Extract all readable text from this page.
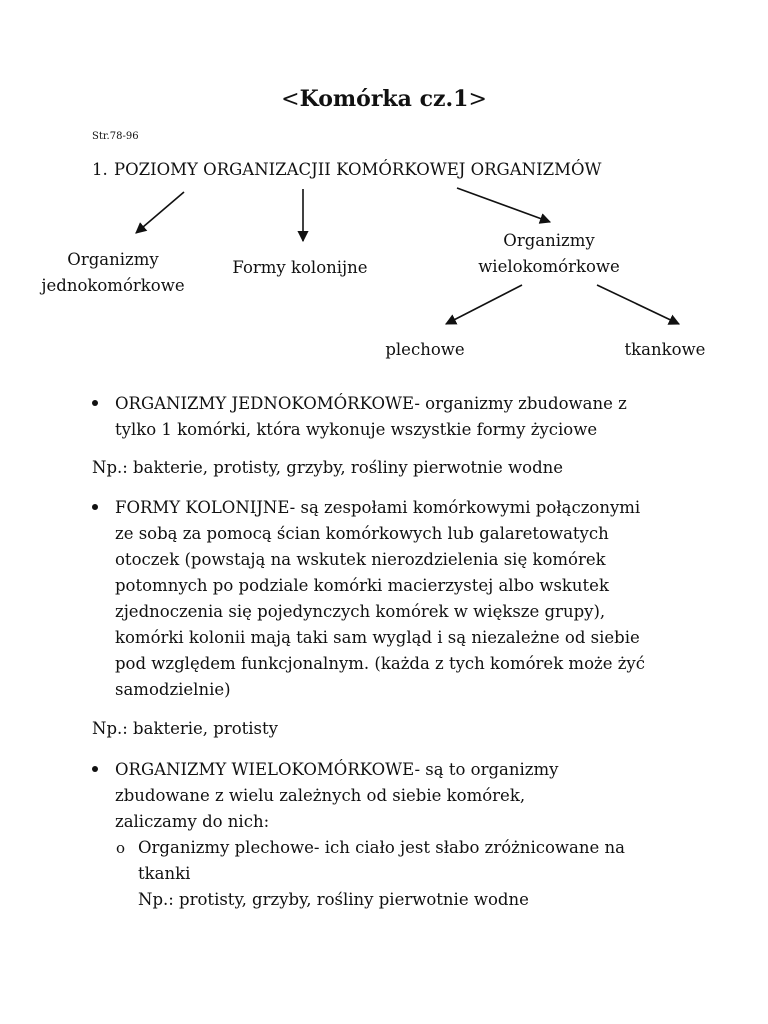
<Komórka cz.1>
Str.78-96
1. POZIOMY ORGANIZACJII KOMÓRKOWEJ ORGANIZMÓW
Organizmy
jednokomórkowe
Formy kolonijne
Organizmy
wielokomórkowe
plechowe	tkankowe
ORGANIZMY JEDNOKOMÓRKOWE- organizmy zbudowane z
tylko 1 komórki, która wykonuje wszystkie formy życiowe
Np.: bakterie, protisty, grzyby, rośliny pierwotnie wodne
FORMY KOLONIJNE- są zespołami komórkowymi połączonymi
ze sobą za pomocą ścian komórkowych lub galaretowatych
otoczek (powstają na wskutek nierozdzielenia się komórek
potomnych po podziale komórki macierzystej albo wskutek
zjednoczenia się pojedynczych komórek w większe grupy),
komórki kolonii mają taki sam wygląd i są niezależne od siebie
pod względem funkcjonalnym. (każda z tych komórek może żyć
samodzielnie)
Np.: bakterie, protisty
ORGANIZMY WIELOKOMÓRKOWE- są to organizmy
zbudowane z wielu zależnych od siebie komórek,
zaliczamy do nich:
o Organizmy plechowe- ich ciało jest słabo zróżnicowane na
tkanki
Np.: protisty, grzyby, rośliny pierwotnie wodne
